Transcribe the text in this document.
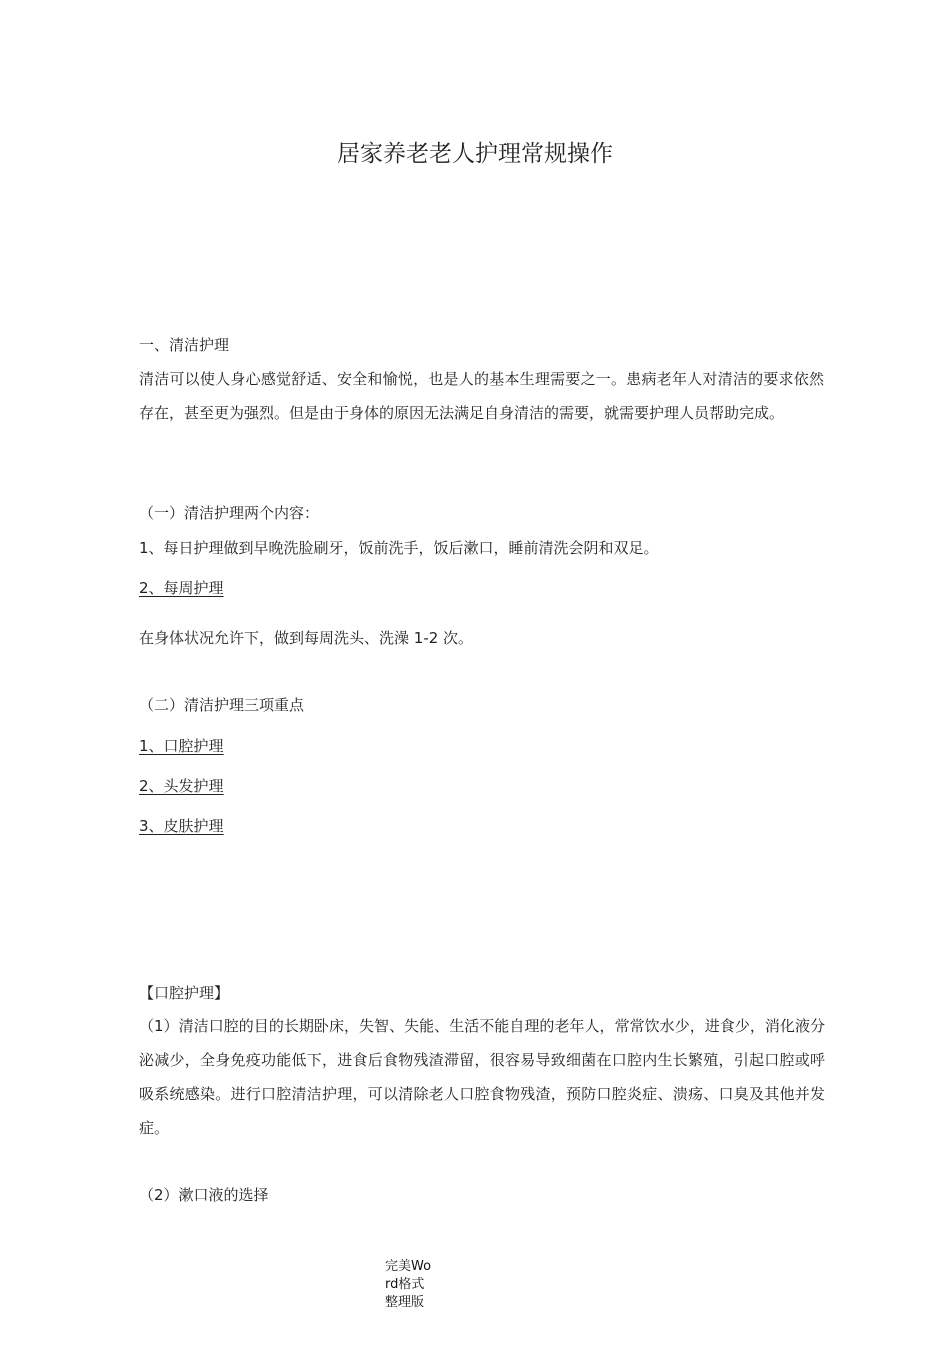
居家养老老人护理常规操作
一、清洁护理
清洁可以使人身心感觉舒适、安全和愉悦，也是人的基本生理需要之一。患病老年人对清洁的要求依然存在，甚至更为强烈。但是由于身体的原因无法满足自身清洁的需要，就需要护理人员帮助完成。
（一）清洁护理两个内容：
1、每日护理做到早晚洗脸刷牙，饭前洗手，饭后漱口，睡前清洗会阴和双足。
2、每周护理
在身体状况允许下，做到每周洗头、洗澡 1-2 次。
（二）清洁护理三项重点
1、口腔护理
2、头发护理
3、皮肤护理
【口腔护理】
（1）清洁口腔的目的长期卧床，失智、失能、生活不能自理的老年人，常常饮水少，进食少，消化液分泌减少，全身免疫功能低下，进食后食物残渣滞留，很容易导致细菌在口腔内生长繁殖，引起口腔或呼吸系统感染。进行口腔清洁护理，可以清除老人口腔食物残渣，预防口腔炎症、溃疡、口臭及其他并发症。
（2）漱口液的选择
完美Word格式整理版
